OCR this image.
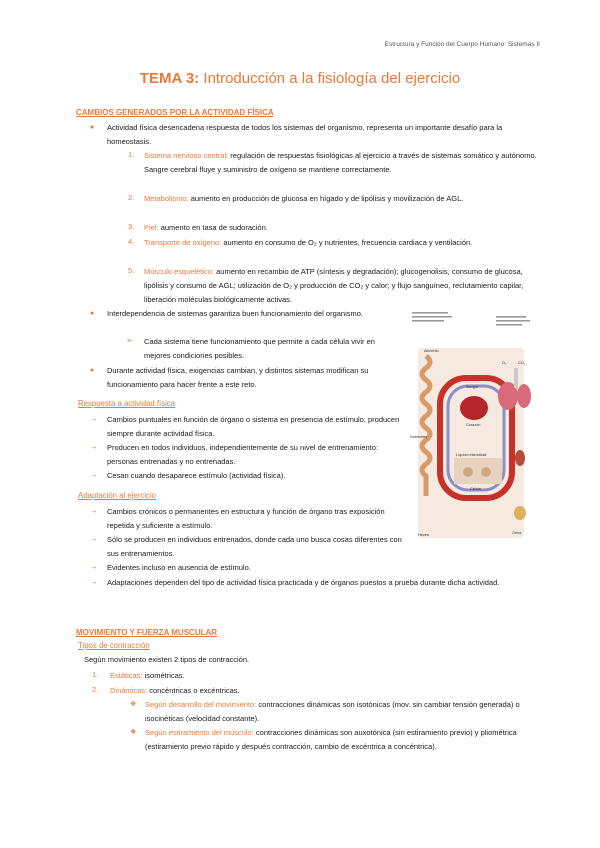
Estructura y Función del Cuerpo Humano: Sistemas II
TEMA 3: Introducción a la fisiología del ejercicio
CAMBIOS GENERADOS POR LA ACTIVIDAD FÍSICA
● Actividad física desencadena respuesta de todos los sistemas del organismo, representa un importante desafío para la homeostasis.

1. Sistema nervioso central: regulación de respuestas fisiológicas al ejercicio a través de sistemas somático y autónomo. Sangre cerebral fluye y suministro de oxígeno se mantiene correctamente.

2. Metabolismo: aumento en producción de glucosa en hígado y de lipólisis y movilización de AGL.

3. Piel: aumento en tasa de sudoración.

4. Transporte de oxígeno: aumento en consumo de O₂ y nutrientes, frecuencia cardiaca y ventilación.

5. Músculo esquelético: aumento en recambio de ATP (síntesis y degradación); glucogenolisis, consumo de glucosa, lipólisis y consumo de AGL; utilización de O₂ y producción de CO₂ y calor; y flujo sanguíneo, reclutamiento capilar, liberación moléculas biológicamente activas.

● Interdependencia de sistemas garantiza buen funcionamiento del organismo.

➢ Cada sistema tiene funcionamiento que permite a cada célula vivir en mejores condiciones posibles.

● Durante actividad física, exigencias cambian, y distintos sistemas modifican su funcionamiento para hacer frente a este reto.

Respuesta a actividad física
→ Cambios puntuales en función de órgano o sistema en presencia de estímulo, producen siempre durante actividad física.

→ Producen en todos individuos, independientemente de su nivel de entrenamiento: personas entrenadas y no entrenadas.

→ Cesan cuando desaparece estímulo (actividad física).

Adaptación al ejercicio
→ Cambios crónicos o permanentes en estructura y función de órgano tras exposición repetida y suficiente a estímulo.

→ Sólo se producen en individuos entrenados, donde cada uno busca cosas diferentes con sus entrenamientos.

→ Evidentes incluso en ausencia de estímulo.

→ Adaptaciones dependen del tipo de actividad física practicada y de órganos puestos a prueba durante dicha actividad.

MOVIMIENTO Y FUERZA MUSCULAR
Tipos de contracción

Según movimiento existen 2 tipos de contracción.

1. Estáticas: isométricas.

2. Dinámicas: concéntricas o excéntricas.

❖ Según desarrollo del movimiento: contracciones dinámicas son isotónicas (mov. sin cambiar tensión generada) o isocinéticas (velocidad constante).

❖ Según estiramiento del músculo: contracciones dinámicas son auxotónica (sin estiramiento previo) y pliométrica (estiramiento previo rápido y después contracción, cambio de excéntrica a concéntrica).

Alimento
Sangre
Nutrientes
Corazón
Líquido intersticial
Célula
Heces	Orina
O₂	CO₂
